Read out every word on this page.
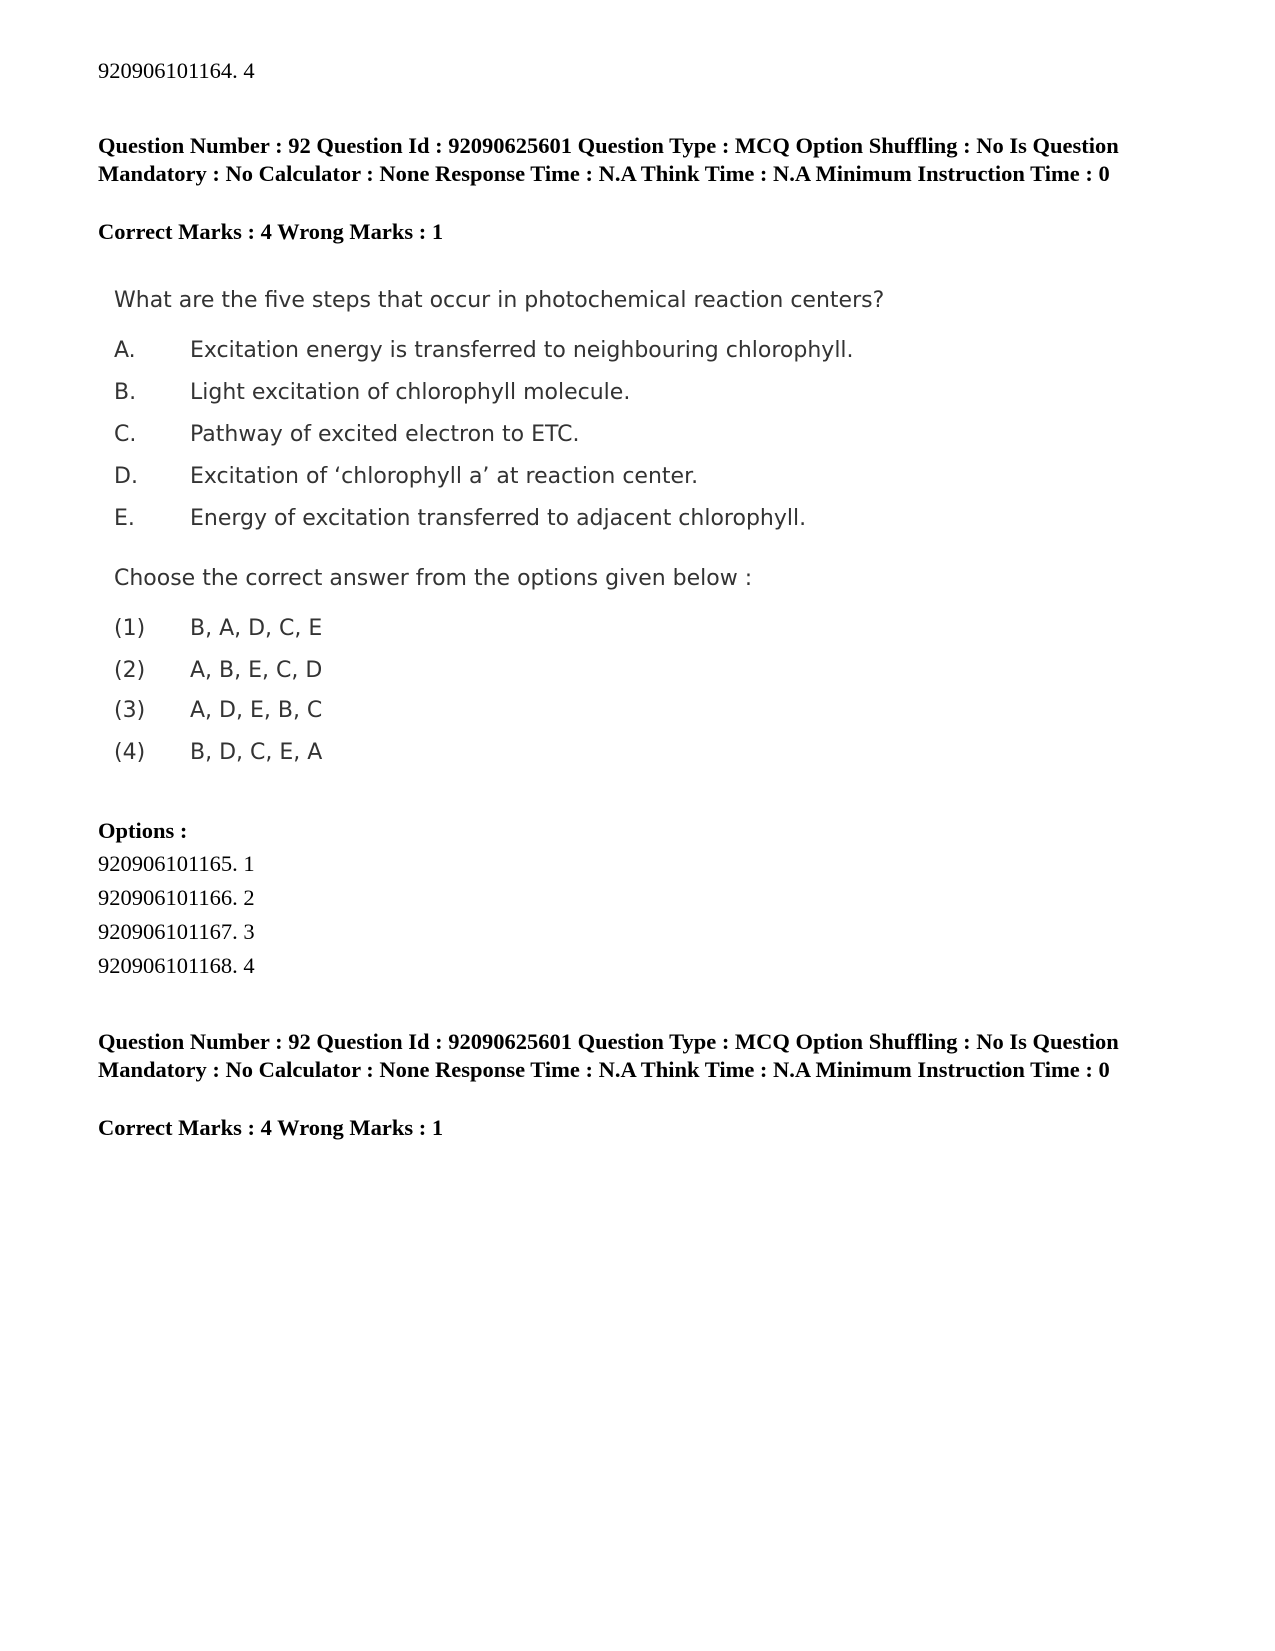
920906101164. 4
Question Number : 92 Question Id : 92090625601 Question Type : MCQ Option Shuffling : No Is Question Mandatory : No Calculator : None Response Time : N.A Think Time : N.A Minimum Instruction Time : 0
Correct Marks : 4 Wrong Marks : 1
What are the five steps that occur in photochemical reaction centers?
A.	Excitation energy is transferred to neighbouring chlorophyll.
B.	Light excitation of chlorophyll molecule.
C.	Pathway of excited electron to ETC.
D.	Excitation of ‘chlorophyll a’ at reaction center.
E.	Energy of excitation transferred to adjacent chlorophyll.
Choose the correct answer from the options given below :
(1)	B, A, D, C, E
(2)	A, B, E, C, D
(3)	A, D, E, B, C
(4)	B, D, C, E, A
Options :
920906101165. 1
920906101166. 2
920906101167. 3
920906101168. 4
Question Number : 92 Question Id : 92090625601 Question Type : MCQ Option Shuffling : No Is Question Mandatory : No Calculator : None Response Time : N.A Think Time : N.A Minimum Instruction Time : 0
Correct Marks : 4 Wrong Marks : 1
